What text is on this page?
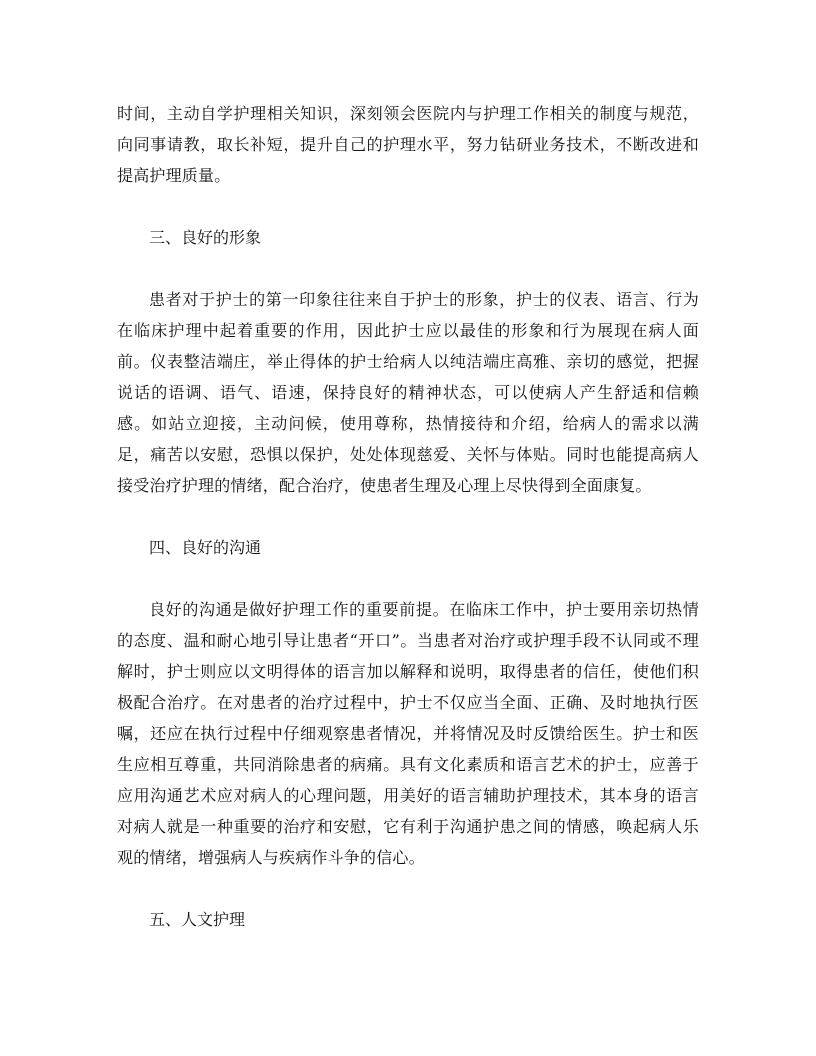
时间，主动自学护理相关知识，深刻领会医院内与护理工作相关的制度与规范，向同事请教，取长补短，提升自己的护理水平，努力钻研业务技术，不断改进和提高护理质量。

三、良好的形象

患者对于护士的第一印象往往来自于护士的形象，护士的仪表、语言、行为在临床护理中起着重要的作用，因此护士应以最佳的形象和行为展现在病人面前。仪表整洁端庄，举止得体的护士给病人以纯洁端庄高雅、亲切的感觉，把握说话的语调、语气、语速，保持良好的精神状态，可以使病人产生舒适和信赖感。如站立迎接，主动问候，使用尊称，热情接待和介绍，给病人的需求以满足，痛苦以安慰，恐惧以保护，处处体现慈爱、关怀与体贴。同时也能提高病人接受治疗护理的情绪，配合治疗，使患者生理及心理上尽快得到全面康复。

四、良好的沟通

良好的沟通是做好护理工作的重要前提。在临床工作中，护士要用亲切热情的态度、温和耐心地引导让患者“开口”。当患者对治疗或护理手段不认同或不理解时，护士则应以文明得体的语言加以解释和说明，取得患者的信任，使他们积极配合治疗。在对患者的治疗过程中，护士不仅应当全面、正确、及时地执行医嘱，还应在执行过程中仔细观察患者情况，并将情况及时反馈给医生。护士和医生应相互尊重，共同消除患者的病痛。具有文化素质和语言艺术的护士，应善于应用沟通艺术应对病人的心理问题，用美好的语言辅助护理技术，其本身的语言对病人就是一种重要的治疗和安慰，它有利于沟通护患之间的情感，唤起病人乐观的情绪，增强病人与疾病作斗争的信心。

五、人文护理
